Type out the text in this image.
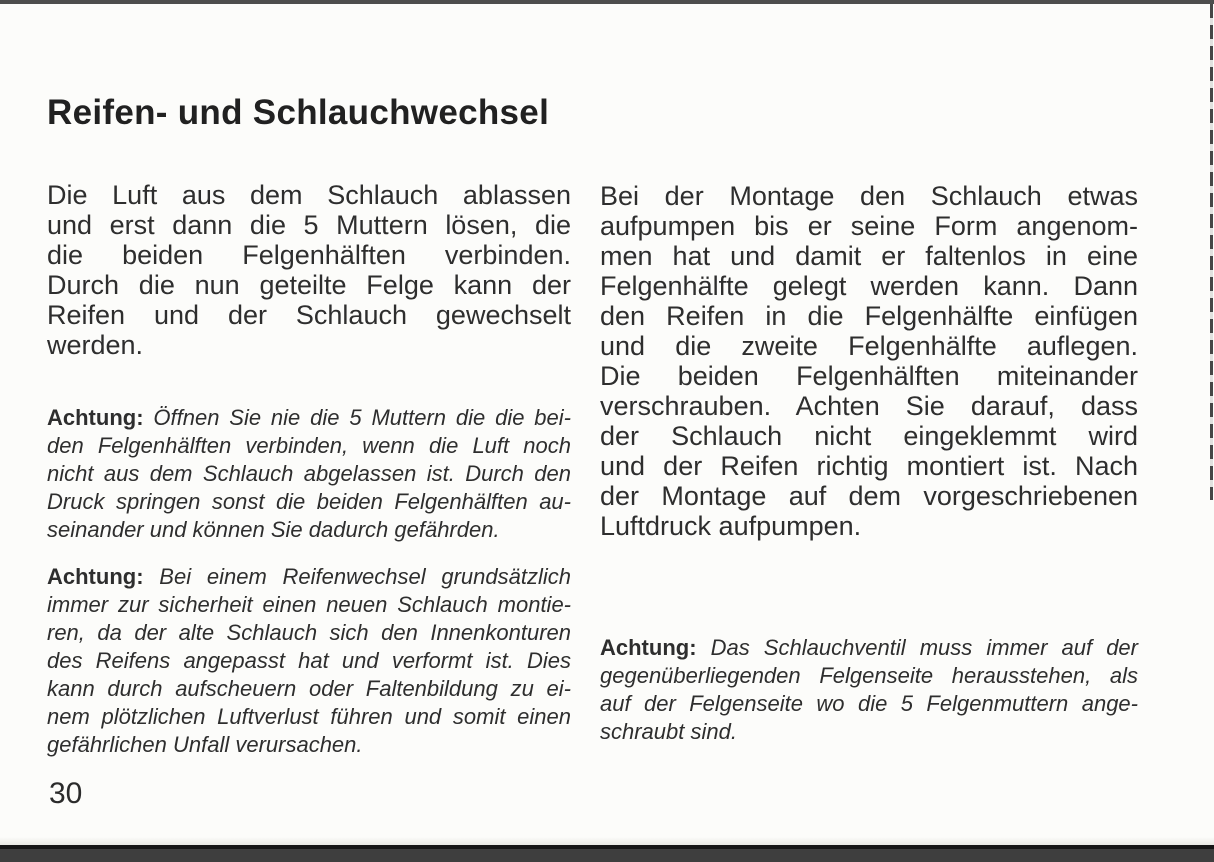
Reifen- und Schlauchwechsel
Die Luft aus dem Schlauch ablassen
und erst dann die 5 Muttern lösen, die
die beiden Felgenhälften verbinden.
Durch die nun geteilte Felge kann der
Reifen und der Schlauch gewechselt
werden.
Achtung: Öffnen Sie nie die 5 Muttern die die bei-
den Felgenhälften verbinden, wenn die Luft noch
nicht aus dem Schlauch abgelassen ist. Durch den
Druck springen sonst die beiden Felgenhälften au-
seinander und können Sie dadurch gefährden.
Achtung: Bei einem Reifenwechsel grundsätzlich
immer zur sicherheit einen neuen Schlauch montie-
ren, da der alte Schlauch sich den Innenkonturen
des Reifens angepasst hat und verformt ist. Dies
kann durch aufscheuern oder Faltenbildung zu ei-
nem plötzlichen Luftverlust führen und somit einen
gefährlichen Unfall verursachen.
Bei der Montage den Schlauch etwas
aufpumpen bis er seine Form angenom-
men hat und damit er faltenlos in eine
Felgenhälfte gelegt werden kann. Dann
den Reifen in die Felgenhälfte einfügen
und die zweite Felgenhälfte auflegen.
Die beiden Felgenhälften miteinander
verschrauben. Achten Sie darauf, dass
der Schlauch nicht eingeklemmt wird
und der Reifen richtig montiert ist. Nach
der Montage auf dem vorgeschriebenen
Luftdruck aufpumpen.
Achtung: Das Schlauchventil muss immer auf der
gegenüberliegenden Felgenseite herausstehen, als
auf der Felgenseite wo die 5 Felgenmuttern ange-
schraubt sind.
30
